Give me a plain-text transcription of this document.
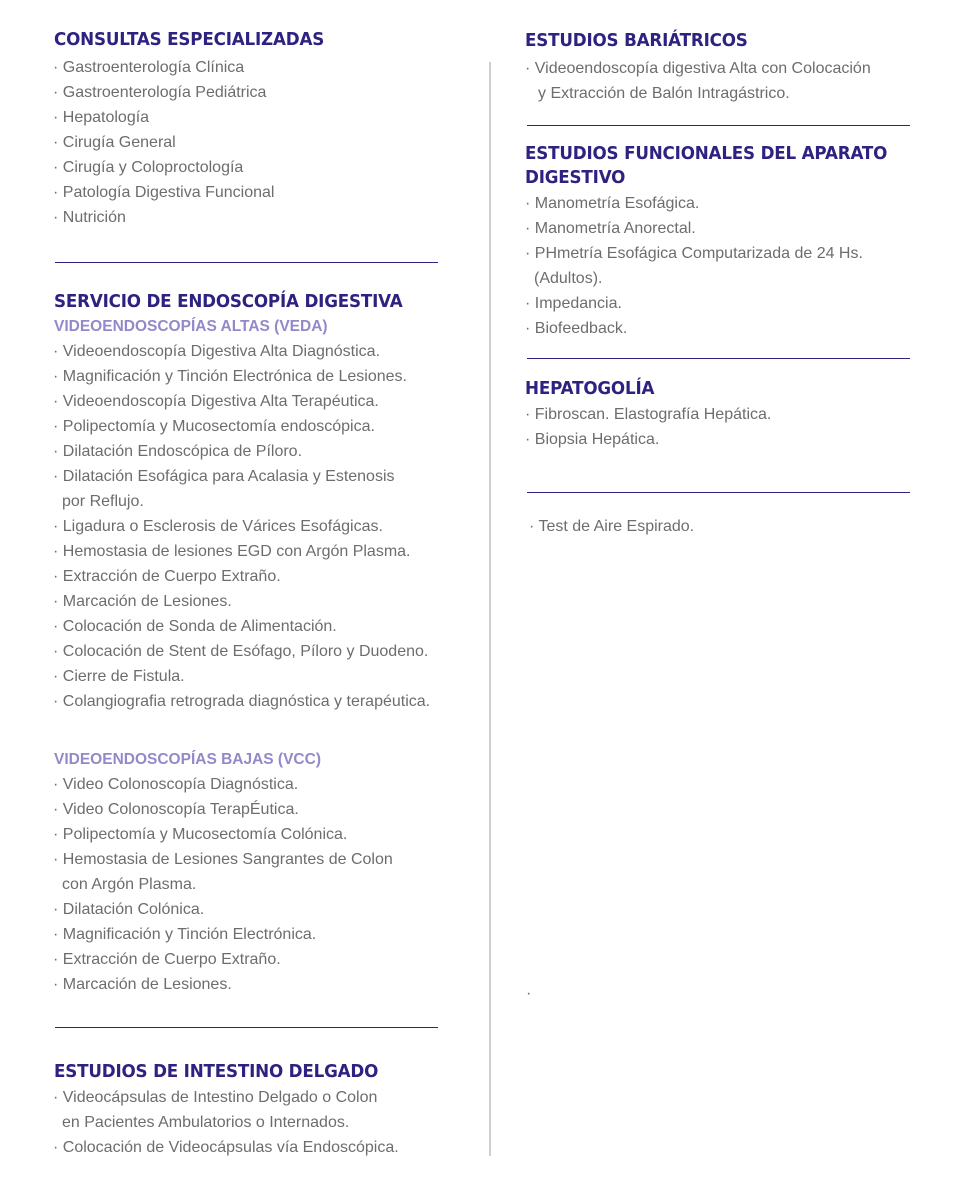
CONSULTAS ESPECIALIZADAS
· Gastroenterología Clínica
· Gastroenterología Pediátrica
· Hepatología
· Cirugía General
· Cirugía y Coloproctología
· Patología Digestiva Funcional
· Nutrición
SERVICIO DE ENDOSCOPÍA DIGESTIVA
VIDEOENDOSCOPÍAS ALTAS (VEDA)
· Videoendoscopía Digestiva Alta Diagnóstica.
· Magnificación y Tinción Electrónica de Lesiones.
· Videoendoscopía Digestiva Alta Terapéutica.
· Polipectomía y Mucosectomía endoscópica.
· Dilatación Endoscópica de Píloro.
· Dilatación Esofágica para Acalasia y Estenosis
por Reflujo.
· Ligadura o Esclerosis de Várices Esofágicas.
· Hemostasia de lesiones EGD con Argón Plasma.
· Extracción de Cuerpo Extraño.
· Marcación de Lesiones.
· Colocación de Sonda de Alimentación.
· Colocación de Stent de Esófago, Píloro y Duodeno.
· Cierre de Fistula.
· Colangiografia retrograda diagnóstica y terapéutica.
VIDEOENDOSCOPÍAS BAJAS (VCC)
· Video Colonoscopía Diagnóstica.
· Video Colonoscopía TerapÉutica.
· Polipectomía y Mucosectomía Colónica.
· Hemostasia de Lesiones Sangrantes de Colon
con Argón Plasma.
· Dilatación Colónica.
· Magnificación y Tinción Electrónica.
· Extracción de Cuerpo Extraño.
· Marcación de Lesiones.
ESTUDIOS DE INTESTINO DELGADO
· Videocápsulas de Intestino Delgado o Colon
en Pacientes Ambulatorios o Internados.
· Colocación de Videocápsulas vía Endoscópica.
ESTUDIOS BARIÁTRICOS
· Videoendoscopía digestiva Alta con Colocación
y Extracción de Balón Intragástrico.
ESTUDIOS FUNCIONALES DEL APARATO
DIGESTIVO
· Manometría Esofágica.
· Manometría Anorectal.
· PHmetría Esofágica Computarizada de 24 Hs.
(Adultos).
· Impedancia.
· Biofeedback.
HEPATOGOLÍA
· Fibroscan. Elastografía Hepática.
· Biopsia Hepática.
· Test de Aire Espirado.
·
